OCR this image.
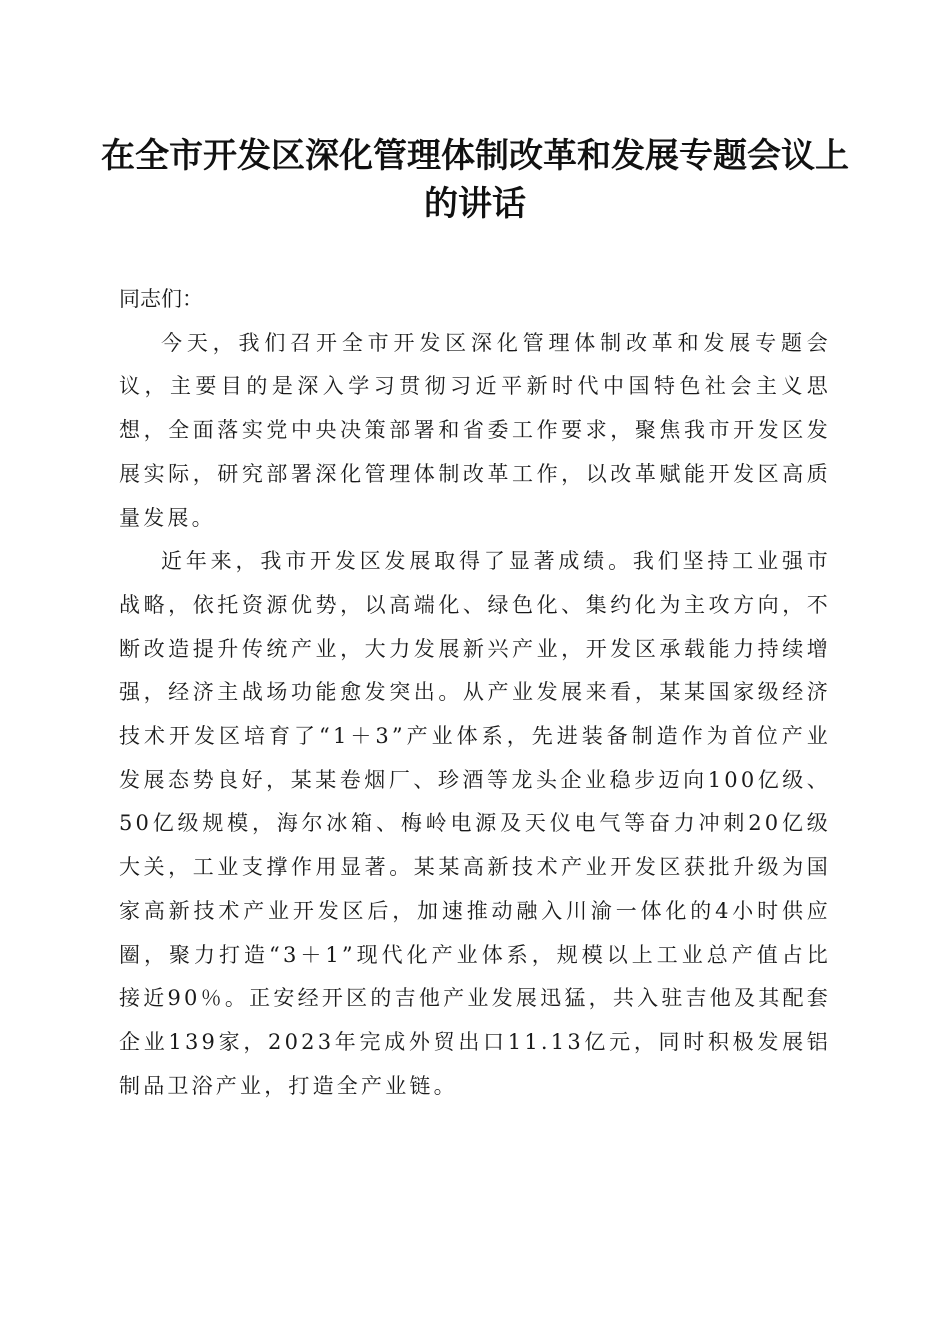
在全市开发区深化管理体制改革和发展专题会议上的讲话

同志们：

今天，我们召开全市开发区深化管理体制改革和发展专题会议，主要目的是深入学习贯彻习近平新时代中国特色社会主义思想，全面落实党中央决策部署和省委工作要求，聚焦我市开发区发展实际，研究部署深化管理体制改革工作，以改革赋能开发区高质量发展。

近年来，我市开发区发展取得了显著成绩。我们坚持工业强市战略，依托资源优势，以高端化、绿色化、集约化为主攻方向，不断改造提升传统产业，大力发展新兴产业，开发区承载能力持续增强，经济主战场功能愈发突出。从产业发展来看，某某国家级经济技术开发区培育了“1＋3”产业体系，先进装备制造作为首位产业发展态势良好，某某卷烟厂、珍酒等龙头企业稳步迈向100亿级、50亿级规模，海尔冰箱、梅岭电源及天仪电气等奋力冲刺20亿级大关，工业支撑作用显著。某某高新技术产业开发区获批升级为国家高新技术产业开发区后，加速推动融入川渝一体化的4小时供应圈，聚力打造“3＋1”现代化产业体系，规模以上工业总产值占比接近90％。正安经开区的吉他产业发展迅猛，共入驻吉他及其配套企业139家，2023年完成外贸出口11.13亿元，同时积极发展铝制品卫浴产业，打造全产业链。
